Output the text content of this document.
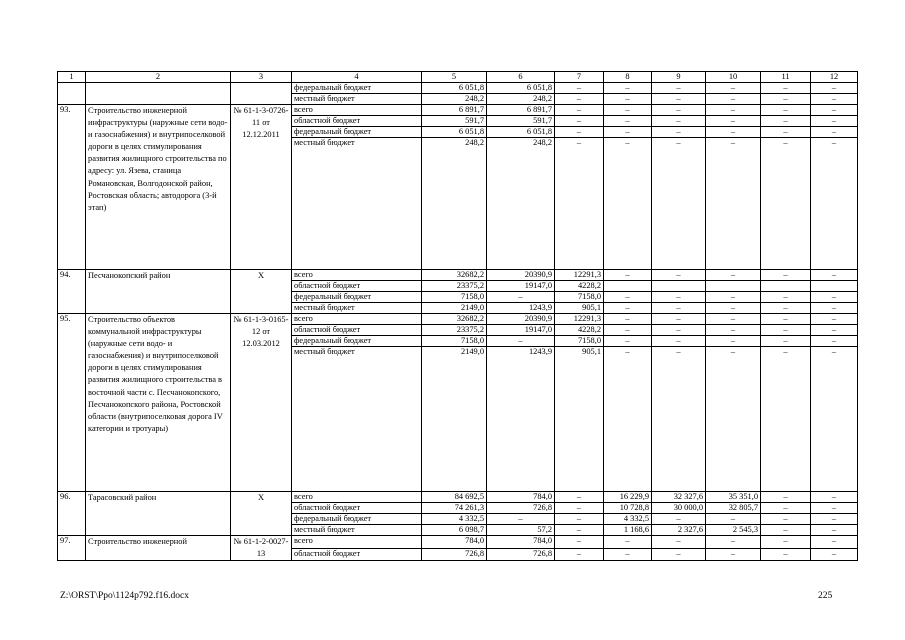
1	2	3	4	5	6	7	8	9	10	11	12
			федеральный бюджет	6 051,8	6 051,8	–	–	–	–	–	–
			местный бюджет	248,2	248,2	–	–	–	–	–	–
93.	Строительство инженерной инфраструктуры (наружные сети водо- и газоснабжения) и внутрипоселковой дороги в целях стимулирования развития жилищного строительства по адресу: ул. Язева, станица Романовская, Волгодонской район, Ростовская область; автодорога (3-й этап)	№ 61-1-3-0726-11 от 12.12.2011	всего	6 891,7	6 891,7	–	–	–	–	–	–
			областной бюджет	591,7	591,7	–	–	–	–	–	–
			федеральный бюджет	6 051,8	6 051,8	–	–	–	–	–	–
			местный бюджет	248,2	248,2	–	–	–	–	–	–
94.	Песчанокопский район	Х	всего	32682,2	20390,9	12291,3	–	–	–	–	–
			областной бюджет	23375,2	19147,0	4228,2					
			федеральный бюджет	7158,0	–	7158,0	–	–	–	–	–
			местный бюджет	2149,0	1243,9	905,1	–	–	–	–	–
95.	Строительство объектов коммунальной инфраструктуры (наружные сети водо- и газоснабжения) и внутрипоселковой дороги в целях стимулирования развития жилищного строительства в восточной части с. Песчанокопского, Песчанокопского района, Ростовской области (внутрипоселковая дорога IV категории и тротуары)	№ 61-1-3-0165-12 от 12.03.2012	всего	32682,2	20390,9	12291,3	–	–	–	–	–
			областной бюджет	23375,2	19147,0	4228,2	–	–	–	–	–
			федеральный бюджет	7158,0	–	7158,0	–	–	–	–	–
			местный бюджет	2149,0	1243,9	905,1	–	–	–	–	–
96.	Тарасовский район	Х	всего	84 692,5	784,0	–	16 229,9	32 327,6	35 351,0	–	–
			областной бюджет	74 261,3	726,8	–	10 728,8	30 000,0	32 805,7	–	–
			федеральный бюджет	4 332,5	–	–	4 332,5	–	–	–	–
			местный бюджет	6 098,7	57,2	–	1 168,6	2 327,6	2 545,3	–	–
97.	Строительство инженерной	№ 61-1-2-0027-13	всего	784,0	784,0	–	–	–	–	–	–
			областной бюджет	726,8	726,8	–	–	–	–	–	–
Z:\ORST\Ppo\1124p792.f16.docx	225
